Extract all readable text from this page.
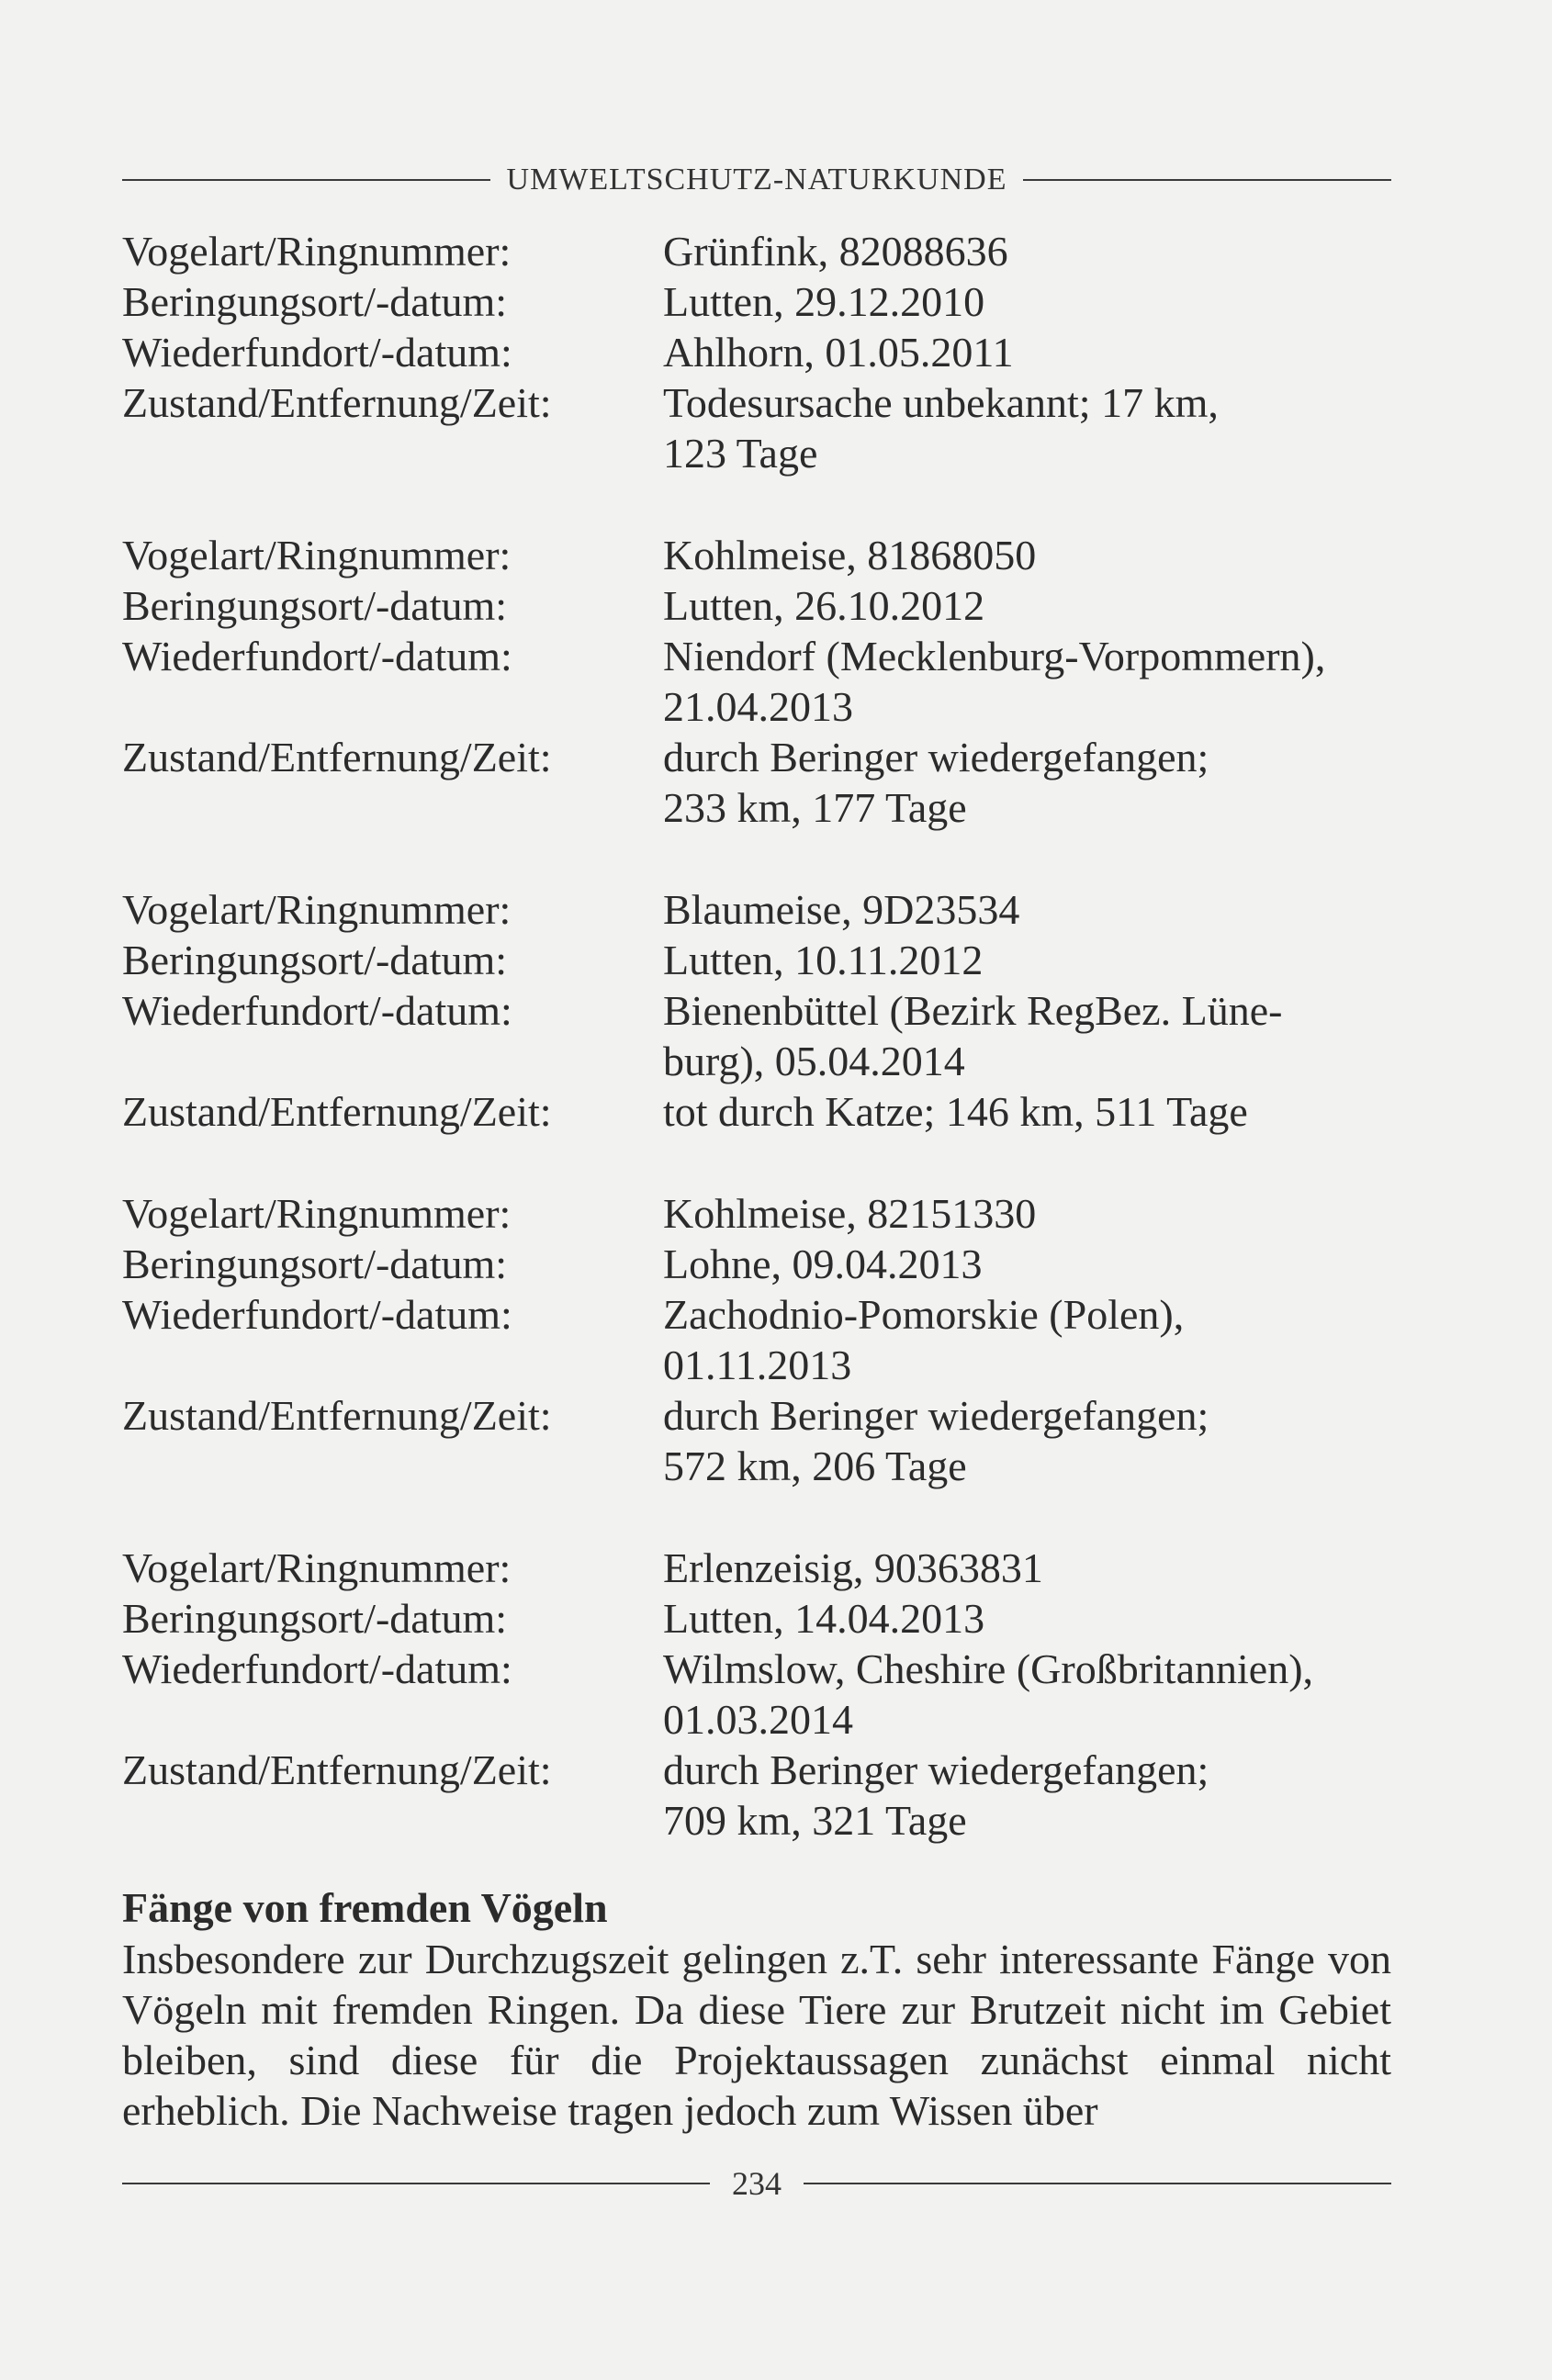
UMWELTSCHUTZ-NATURKUNDE
Vogelart/Ringnummer:	Grünfink, 82088636
Beringungsort/-datum:	Lutten, 29.12.2010
Wiederfundort/-datum:	Ahlhorn, 01.05.2011
Zustand/Entfernung/Zeit:	Todesursache unbekannt; 17 km,
123 Tage
Vogelart/Ringnummer:	Kohlmeise, 81868050
Beringungsort/-datum:	Lutten, 26.10.2012
Wiederfundort/-datum:	Niendorf (Mecklenburg-Vorpommern),
21.04.2013
Zustand/Entfernung/Zeit:	durch Beringer wiedergefangen;
233 km, 177 Tage
Vogelart/Ringnummer:	Blaumeise, 9D23534
Beringungsort/-datum:	Lutten, 10.11.2012
Wiederfundort/-datum:	Bienenbüttel (Bezirk RegBez. Lüne-
burg), 05.04.2014
Zustand/Entfernung/Zeit:	tot durch Katze; 146 km, 511 Tage
Vogelart/Ringnummer:	Kohlmeise, 82151330
Beringungsort/-datum:	Lohne, 09.04.2013
Wiederfundort/-datum:	Zachodnio-Pomorskie (Polen),
01.11.2013
Zustand/Entfernung/Zeit:	durch Beringer wiedergefangen;
572 km, 206 Tage
Vogelart/Ringnummer:	Erlenzeisig, 90363831
Beringungsort/-datum:	Lutten, 14.04.2013
Wiederfundort/-datum:	Wilmslow, Cheshire (Großbritannien),
01.03.2014
Zustand/Entfernung/Zeit:	durch Beringer wiedergefangen;
709 km, 321 Tage
Fänge von fremden Vögeln

Insbesondere zur Durchzugszeit gelingen z.T. sehr interessante Fänge von Vögeln mit fremden Ringen. Da diese Tiere zur Brutzeit nicht im Gebiet bleiben, sind diese für die Projektaussagen zunächst einmal nicht erheblich. Die Nachweise tragen jedoch zum Wissen über

234
